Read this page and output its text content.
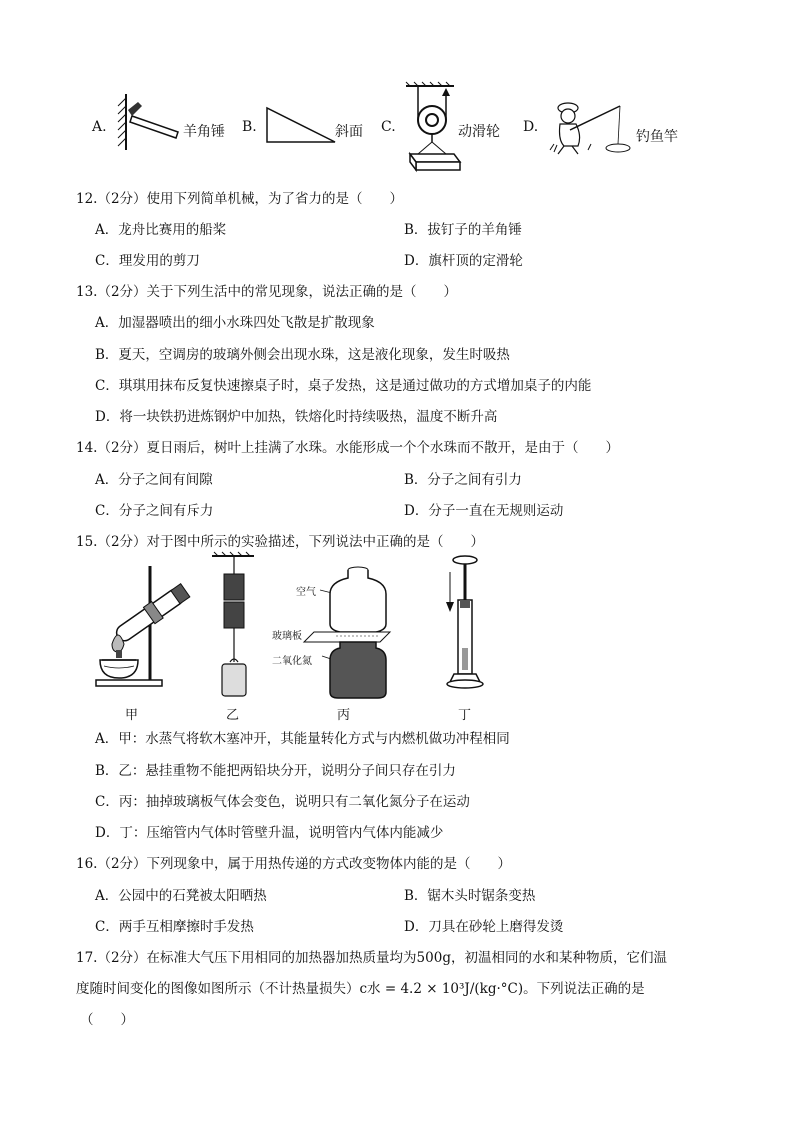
A.	羊角锤 B.	斜面 C.	动滑轮 D.
钓鱼竿
12.（2分）使用下列简单机械，为了省力的是（　　）
A．龙舟比赛用的船桨	B．拔钉子的羊角锤
C．理发用的剪刀	D．旗杆顶的定滑轮
13.（2分）关于下列生活中的常见现象，说法正确的是（　　）
A．加湿器喷出的细小水珠四处飞散是扩散现象
B．夏天，空调房的玻璃外侧会出现水珠，这是液化现象，发生时吸热
C．琪琪用抹布反复快速擦桌子时，桌子发热，这是通过做功的方式增加桌子的内能
D．将一块铁扔进炼钢炉中加热，铁熔化时持续吸热，温度不断升高
14.（2分）夏日雨后，树叶上挂满了水珠。水能形成一个个水珠而不散开，是由于（　　）
A．分子之间有间隙	B．分子之间有引力
C．分子之间有斥力	D．分子一直在无规则运动
15.（2分）对于图中所示的实验描述，下列说法中正确的是（　　）
甲	乙
空气
玻璃板
二氧化氮
丙	丁
A．甲：水蒸气将软木塞冲开，其能量转化方式与内燃机做功冲程相同
B．乙：悬挂重物不能把两铅块分开，说明分子间只存在引力
C．丙：抽掉玻璃板气体会变色，说明只有二氧化氮分子在运动
D．丁：压缩管内气体时管壁升温，说明管内气体内能减少
16.（2分）下列现象中，属于用热传递的方式改变物体内能的是（　　）
A．公园中的石凳被太阳晒热	B．锯木头时锯条变热
C．两手互相摩擦时手发热	D．刀具在砂轮上磨得发烫
17.（2分）在标准大气压下用相同的加热器加热质量均为500g，初温相同的水和某种物质，它们温
度随时间变化的图像如图所示（不计热量损失）c水 = 4.2 × 10³J/(kg·°C)。下列说法正确的是
（　　）
